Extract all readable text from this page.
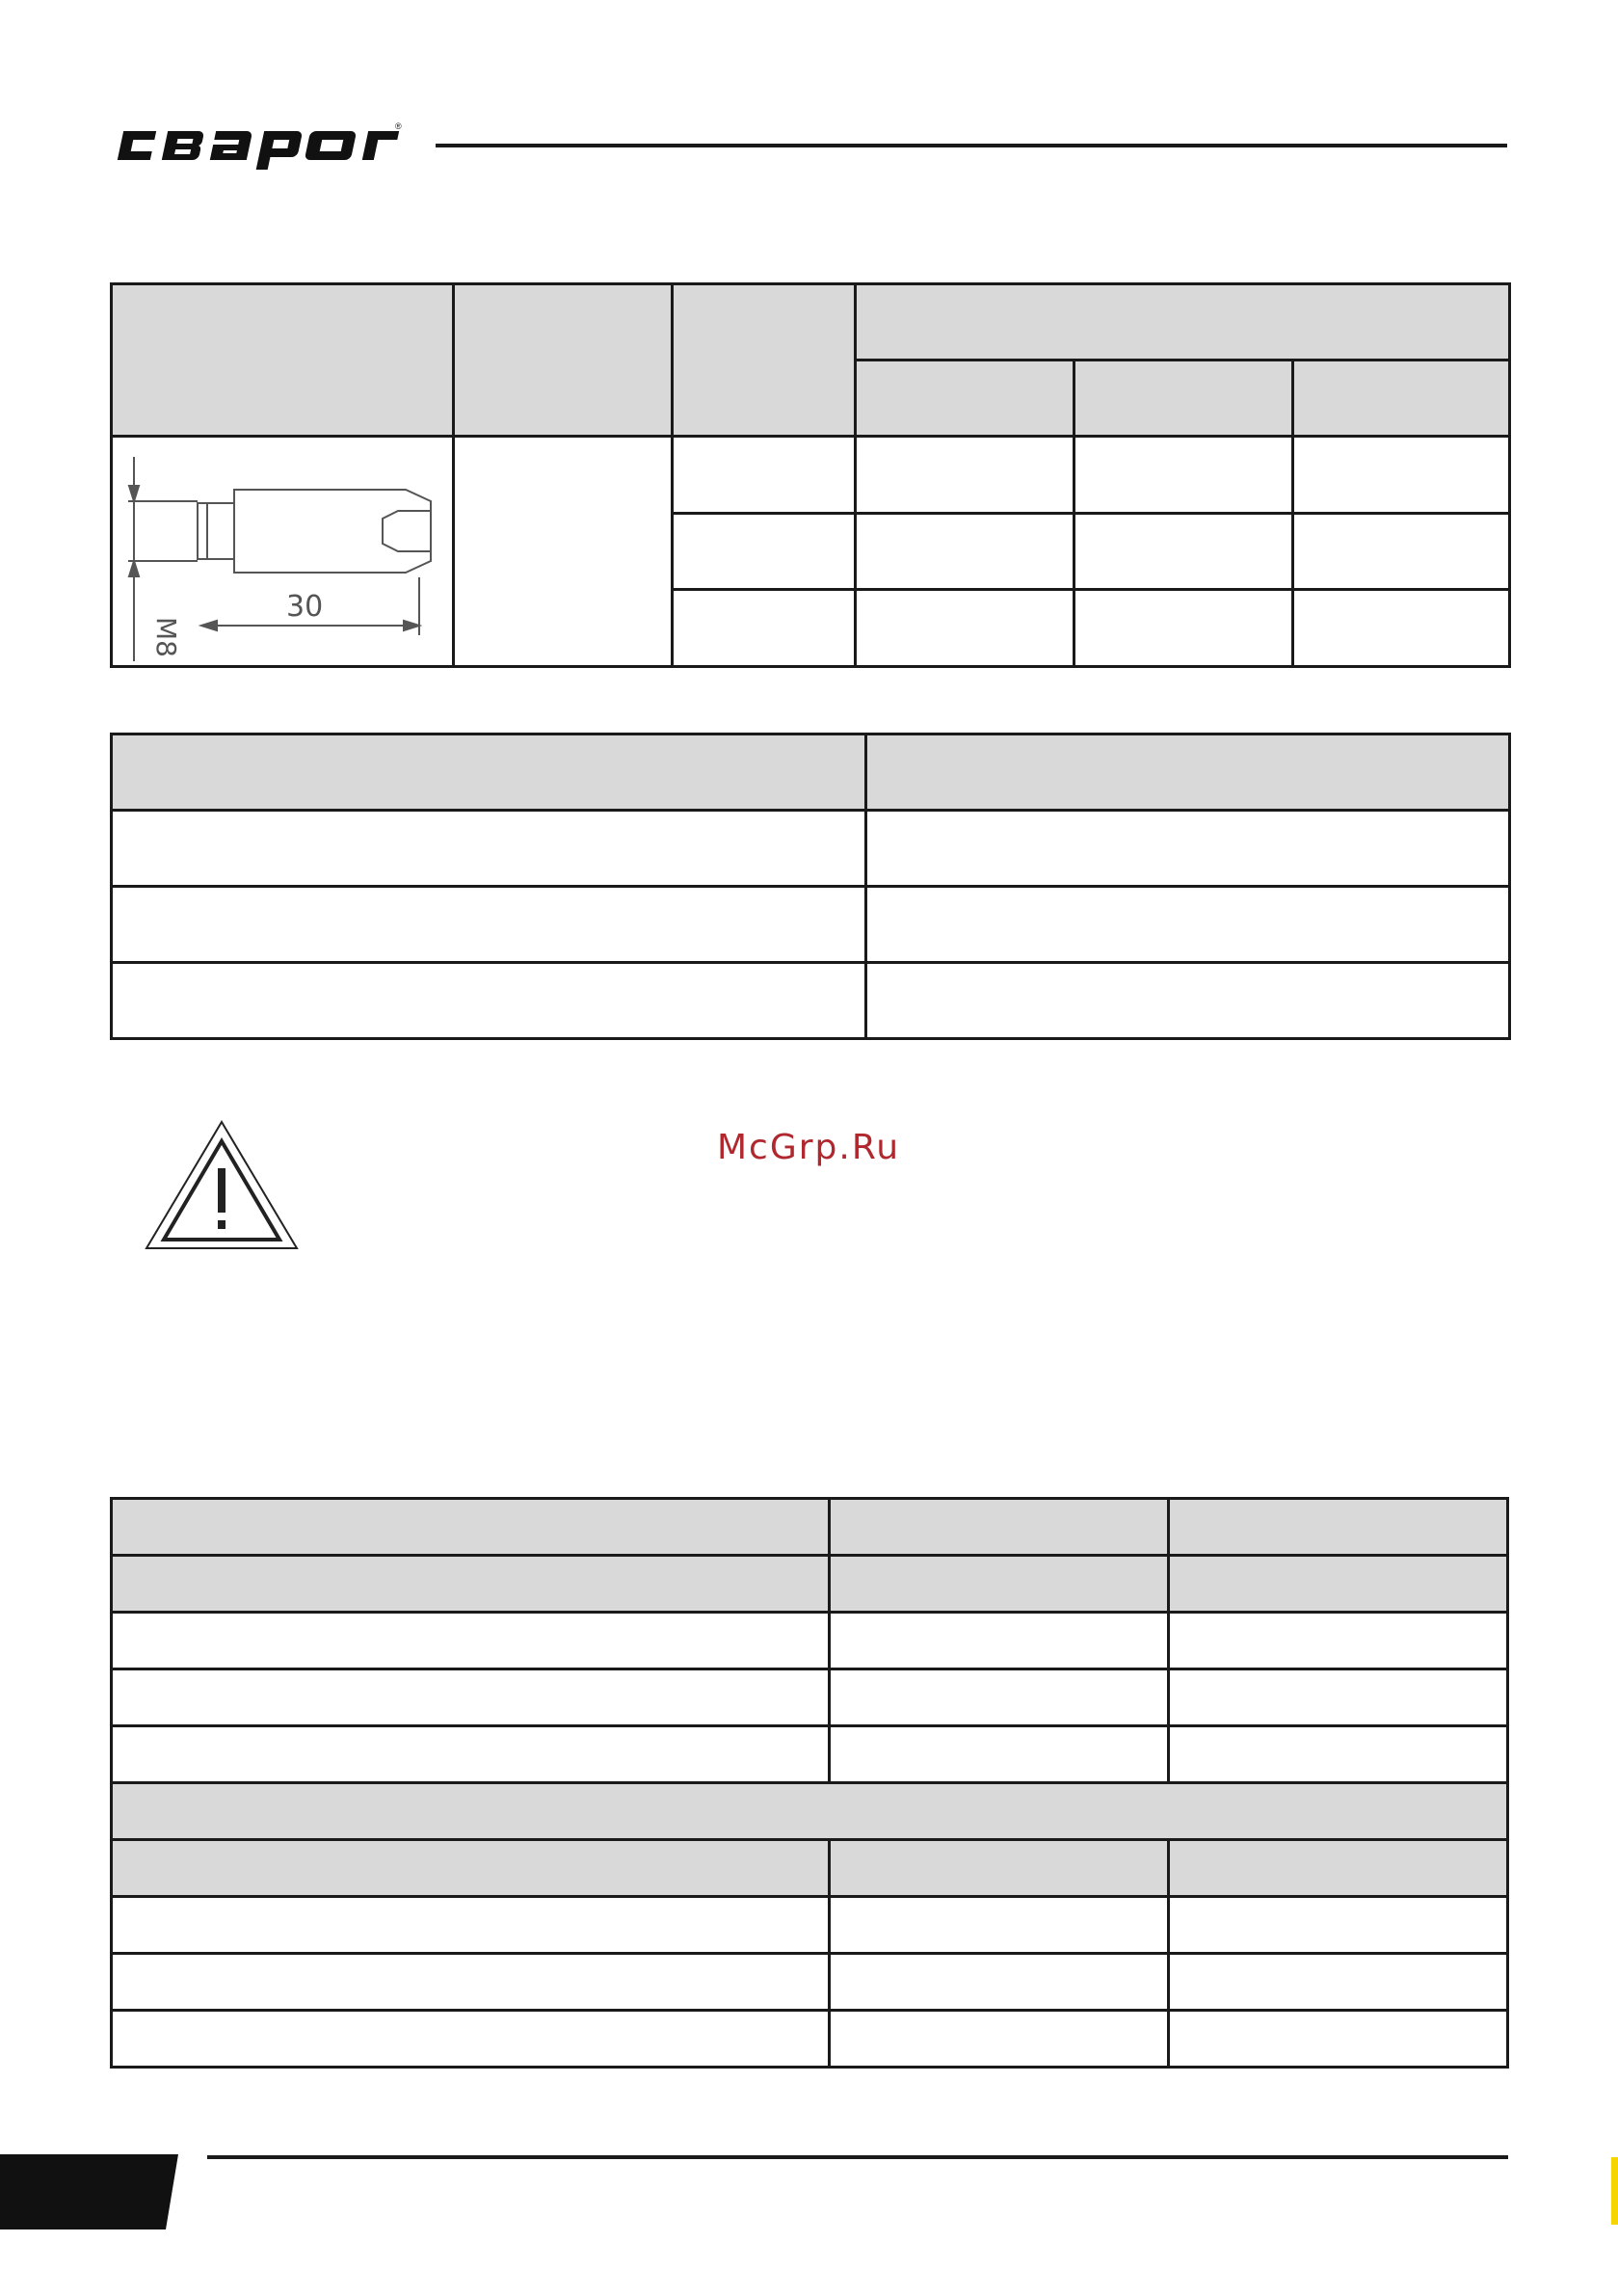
®

30
M8					

McGrp.Ru
